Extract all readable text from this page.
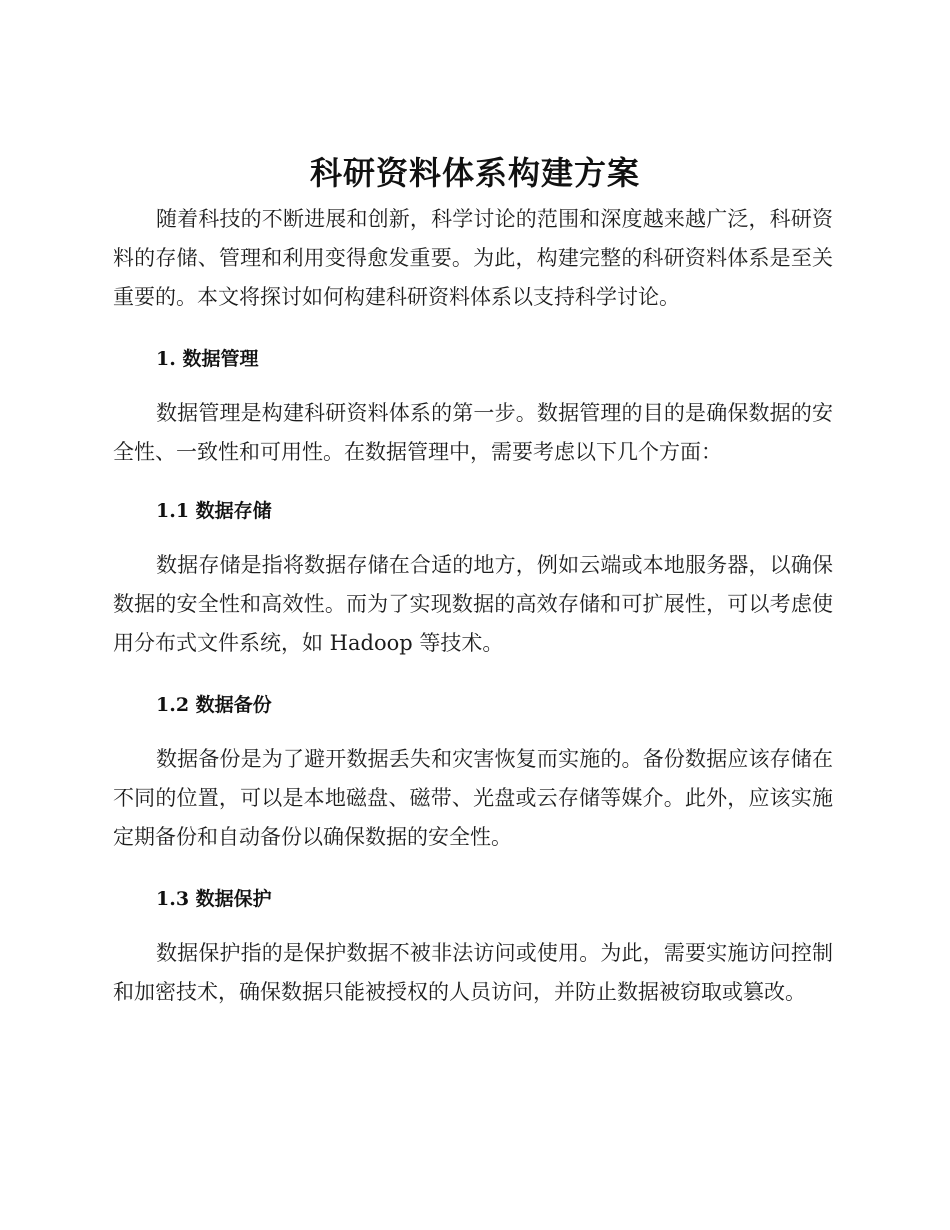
科研资料体系构建方案

随着科技的不断进展和创新，科学讨论的范围和深度越来越广泛，科研资料的存储、管理和利用变得愈发重要。为此，构建完整的科研资料体系是至关重要的。本文将探讨如何构建科研资料体系以支持科学讨论。

1. 数据管理

数据管理是构建科研资料体系的第一步。数据管理的目的是确保数据的安全性、一致性和可用性。在数据管理中，需要考虑以下几个方面：

1.1 数据存储

数据存储是指将数据存储在合适的地方，例如云端或本地服务器，以确保数据的安全性和高效性。而为了实现数据的高效存储和可扩展性，可以考虑使用分布式文件系统，如 Hadoop 等技术。

1.2 数据备份

数据备份是为了避开数据丢失和灾害恢复而实施的。备份数据应该存储在不同的位置，可以是本地磁盘、磁带、光盘或云存储等媒介。此外，应该实施定期备份和自动备份以确保数据的安全性。

1.3 数据保护

数据保护指的是保护数据不被非法访问或使用。为此，需要实施访问控制和加密技术，确保数据只能被授权的人员访问，并防止数据被窃取或篡改。
